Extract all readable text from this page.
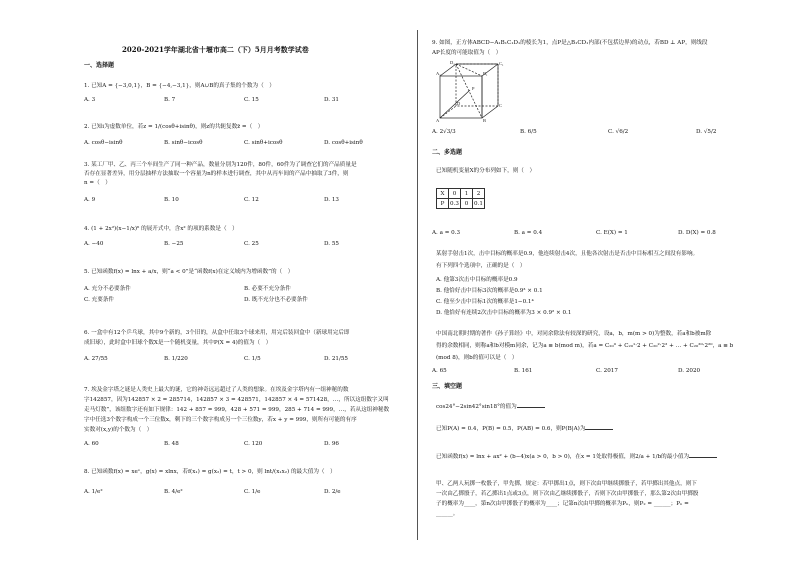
2020-2021学年湖北省十堰市高二（下）5月月考数学试卷
一、选择题
1. 已知A = {−3,0,1}，B = {−4,−3,1}，则A∪B的真子集的个数为（　）
A. 3	B. 7	C. 15	D. 31
2. 已知i为虚数单位，若z = 1/(cosθ+isinθ)，则z的共轭复数z̄ =（　）
A. cosθ−isinθ	B. sinθ−icosθ	C. sinθ+icosθ	D. cosθ+isinθ
3. 某工厂甲、乙、丙三个车间生产了同一种产品，数量分别为120件，80件，60件为了调查它们的产品质量是
否存在显著差异，用分层抽样方法抽取一个容量为n的样本进行调查，其中从丙车间的产品中抽取了3件，则
n =（　）
A. 9	B. 10	C. 12	D. 13
4. (1 + 2x²)(x−1/x)⁶ 的展开式中，含x² 的项的系数是（　）
A. −40	B. −25	C. 25	D. 55
5. 已知函数f(x) = lnx + a/x，则“a < 0”是“函数f(x)在定义域内为增函数”的（　）
A. 充分不必要条件	B. 必要不充分条件
C. 充要条件	D. 既不充分也不必要条件
6. 一盒中有12个乒乓球，其中9个新的，3个旧的，从盒中任取3个球来用，用完后装回盒中（新球用完后即
成旧球），此时盒中旧球个数X是一个随机变量，其中P(X = 4)的值为（　）
A. 27/55	B. 1/220	C. 1/5	D. 21/55
7. 埃及金字塔之谜是人类史上最大的谜，它的神奇远远超过了人类的想象。在埃及金字塔内有一组神秘的数
字142857，因为142857 × 2 = 285714，142857 × 3 = 428571，142857 × 4 = 571428，…，所以这组数字又叫
走马灯数”，该组数字还有如下规律：142 + 857 = 999，428 + 571 = 999，285 + 714 = 999，…，若从这组神秘数
字中任选3个数字构成一个三位数x，剩下的三个数字构成另一个三位数y，若x + y = 999，则所有可能的有序
实数对(x,y)的个数为（　）
A. 60	B. 48	C. 120	D. 96
8. 已知函数f(x) = xeˣ，g(x) = xlnx，若f(x₁) = g(x₂) = t，t > 0，则 lnt/(x₁x₂) 的最大值为（　）
A. 1/e²	B. 4/e²	C. 1/e	D. 2/e
9. 如图，正方体ABCD−A₁B₁C₁D₁的棱长为1，点P是△B₁CD₁内部(不包括边界)的动点，若BD ⊥ AP，则线段
AP长度的可能取值为（　）
D₁	C₁
A₁	B₁
P
D	C
A	B
A. 2√3/3	B. 6/5	C. √6/2	D. √5/2
二、多选题
已知随机变量X的分布列如下，则（　）
X	0	1	2
P	0.3	0	0.1
A. a = 0.3	B. a = 0.4	C. E(X) = 1	D. D(X) = 0.8
某射手射击1次，击中目标的概率是0.9，他连续射击4次，且他各次射击是否击中目标相互之间没有影响。
有下列四个选项中，正确的是（　）
A. 他第3次击中目标的概率是0.9
B. 他恰好击中目标3次的概率是0.9³ × 0.1
C. 他至少击中目标1次的概率是1−0.1⁴
D. 他恰好有连续2次击中目标的概率为3 × 0.9² × 0.1
中国南北朝时期的著作《孙子算经》中，对同余除法有较深的研究，设a，b，m(m > 0)为整数，若a和b被m除
得的余数相同，则称a和b对模m同余，记为a ≡ b(mod m)，若a = C₂₀⁰ + C₂₀¹·2 + C₂₀²·2² + … + C₂₀²⁰·2²⁰，a ≡ b
(mod 8)，则b的值可以是（　）
A. 65	B. 161	C. 2017	D. 2020
三、填空题
cos24°−2sin42°sin18°的值为
已知P(A) = 0.4，P(B) = 0.5，P(AB) = 0.6，则P(B|A)为
已知函数f(x) = lnx + ax² + (b−4)x(a > 0，b > 0)，在x = 1处取得极值，则2/a + 1/b的最小值为
甲、乙两人玩掷一枚骰子，甲先掷，规定：若甲掷出1点，则下次由甲继续掷骰子，若甲掷出其他点，则下
一次由乙掷骰子，若乙掷出1点或3点，则下次由乙继续掷骰子，否则下次由甲掷骰子，那么第2次由甲掷骰
子的概率为____，第n次由甲掷骰子的概率为____；记第n次由甲掷的概率为Pₙ，则P₂ = ______；Pₙ =
______。
